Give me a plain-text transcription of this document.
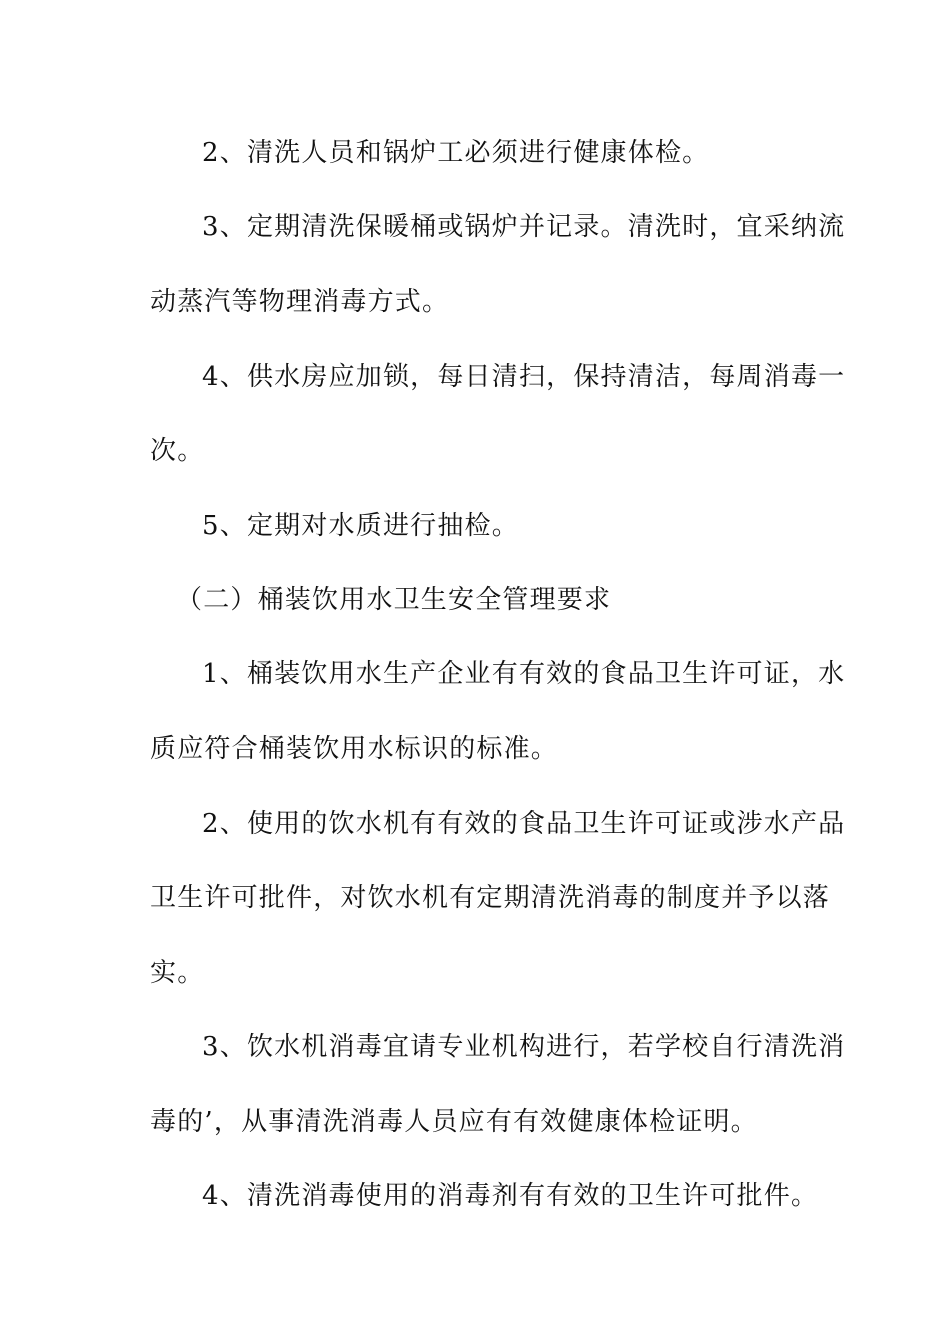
2、清洗人员和锅炉工必须进行健康体检。
3、定期清洗保暖桶或锅炉并记录。清洗时，宜采纳流
动蒸汽等物理消毒方式。
4、供水房应加锁，每日清扫，保持清洁，每周消毒一
次。
5、定期对水质进行抽检。
（二）桶装饮用水卫生安全管理要求
1、桶装饮用水生产企业有有效的食品卫生许可证，水
质应符合桶装饮用水标识的标准。
2、使用的饮水机有有效的食品卫生许可证或涉水产品
卫生许可批件，对饮水机有定期清洗消毒的制度并予以落
实。
3、饮水机消毒宜请专业机构进行，若学校自行清洗消
毒的’，从事清洗消毒人员应有有效健康体检证明。
4、清洗消毒使用的消毒剂有有效的卫生许可批件。
